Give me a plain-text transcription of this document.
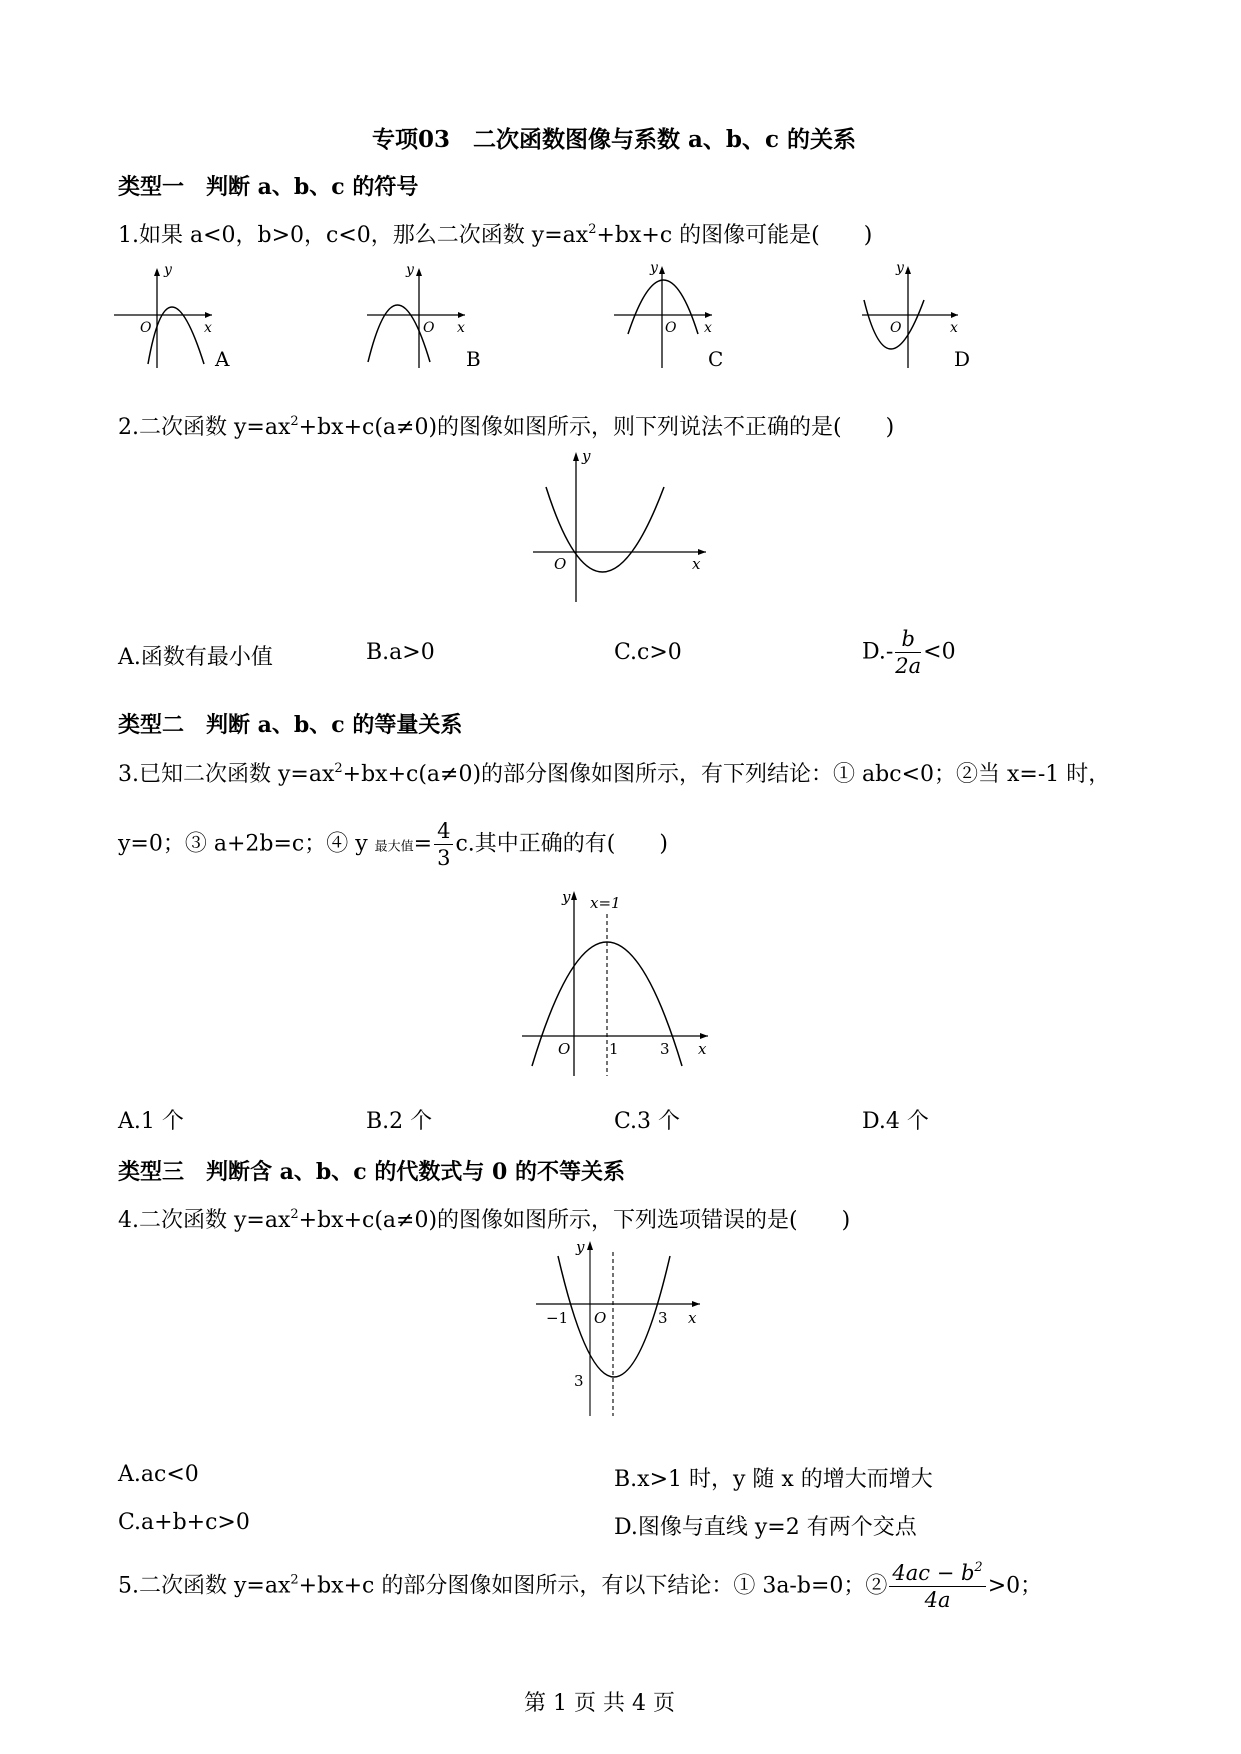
专项03　二次函数图像与系数 a、b、c 的关系
类型一　判断 a、b、c 的符号
1.如果 a<0，b>0，c<0，那么二次函数 $y=ax^2+bx+c$ 的图像可能是(　　)
y
x
O
A
y
x
O
B
y
x
O
C
y
x
O
D
2.二次函数 $y=ax^2+bx+c(a\ne 0)$的图像如图所示，则下列说法不正确的是(　　)
y
x
O
A.函数有最小值	B.a>0	C.c>0	$D.- \frac{b}{2a} <0$
类型二　判断 a、b、c 的等量关系
3.已知二次函数 $y=ax^2+bx+c(a\ne 0)$的部分图像如图所示，有下列结论：① abc<0；②当 x=-1 时，
y=0；③ a+2b=c；④ y 最大值= $\frac{4}{3} c$.其中正确的有(　　)
y x=1
x
O	1	3
A.1 个	B.2 个	C.3 个	D.4 个
类型三　判断含 a、b、c 的代数式与 0 的不等关系
4.二次函数 $y=ax^2+bx+c(a\ne 0)$的图像如图所示，下列选项错误的是(　　)
y
x
O
−1	3
3
A.ac<0	B.x>1 时，y 随 x 的增大而增大
C.a+b+c>0	D.图像与直线 y=2 有两个交点
5.二次函数 $y=ax^2+bx+c$ 的部分图像如图所示，有以下结论：① 3a-b=0；② $\frac{4ac - b^2}{4a} >0$；
第 1 页 共 4 页
